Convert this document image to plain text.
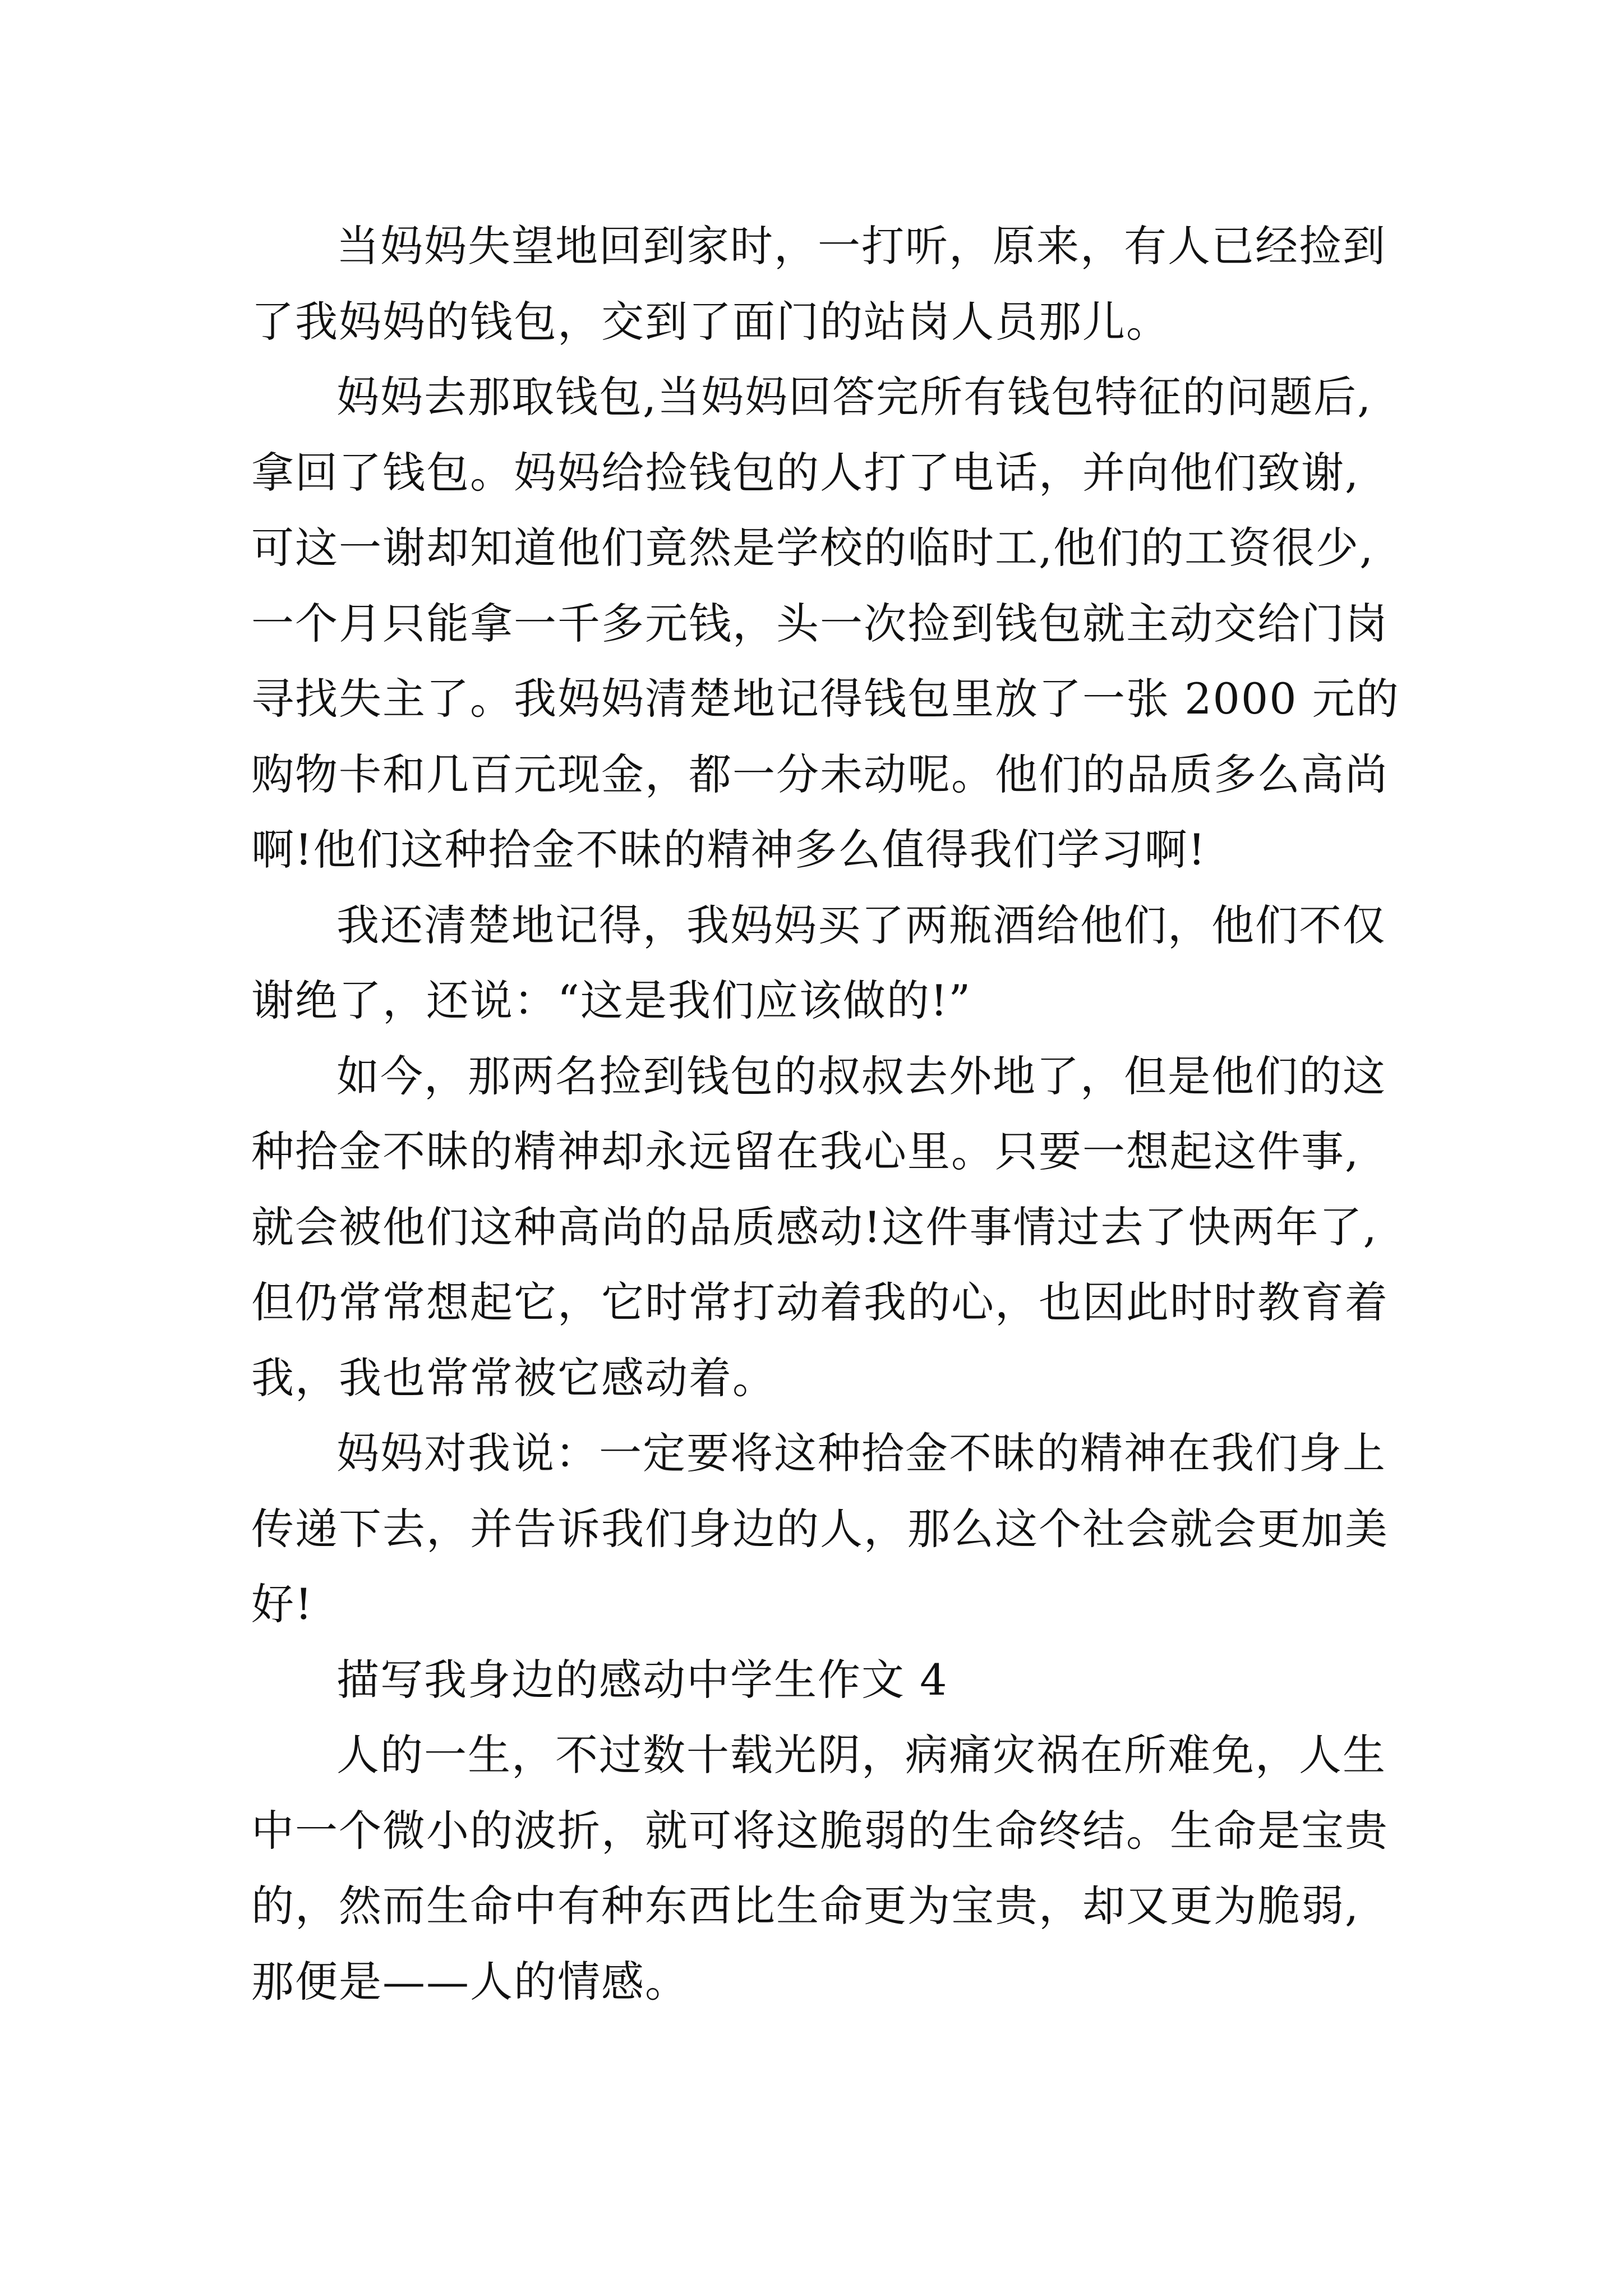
当妈妈失望地回到家时，一打听，原来，有人已经捡到
了我妈妈的钱包，交到了面门的站岗人员那儿。
妈妈去那取钱包,当妈妈回答完所有钱包特征的问题后,
拿回了钱包。妈妈给捡钱包的人打了电话，并向他们致谢,
可这一谢却知道他们竟然是学校的临时工,他们的工资很少,
一个月只能拿一千多元钱，头一次捡到钱包就主动交给门岗
寻找失主了。我妈妈清楚地记得钱包里放了一张 2000 元的
购物卡和几百元现金，都一分未动呢。他们的品质多么高尚
啊!他们这种拾金不昧的精神多么值得我们学习啊!
我还清楚地记得，我妈妈买了两瓶酒给他们，他们不仅
谢绝了，还说：“这是我们应该做的!”
如今，那两名捡到钱包的叔叔去外地了，但是他们的这
种拾金不昧的精神却永远留在我心里。只要一想起这件事,
就会被他们这种高尚的品质感动!这件事情过去了快两年了,
但仍常常想起它，它时常打动着我的心，也因此时时教育着
我，我也常常被它感动着。
妈妈对我说：一定要将这种拾金不昧的精神在我们身上
传递下去，并告诉我们身边的人，那么这个社会就会更加美
好!
描写我身边的感动中学生作文 4
人的一生，不过数十载光阴，病痛灾祸在所难免，人生
中一个微小的波折，就可将这脆弱的生命终结。生命是宝贵
的，然而生命中有种东西比生命更为宝贵，却又更为脆弱,
那便是——人的情感。
